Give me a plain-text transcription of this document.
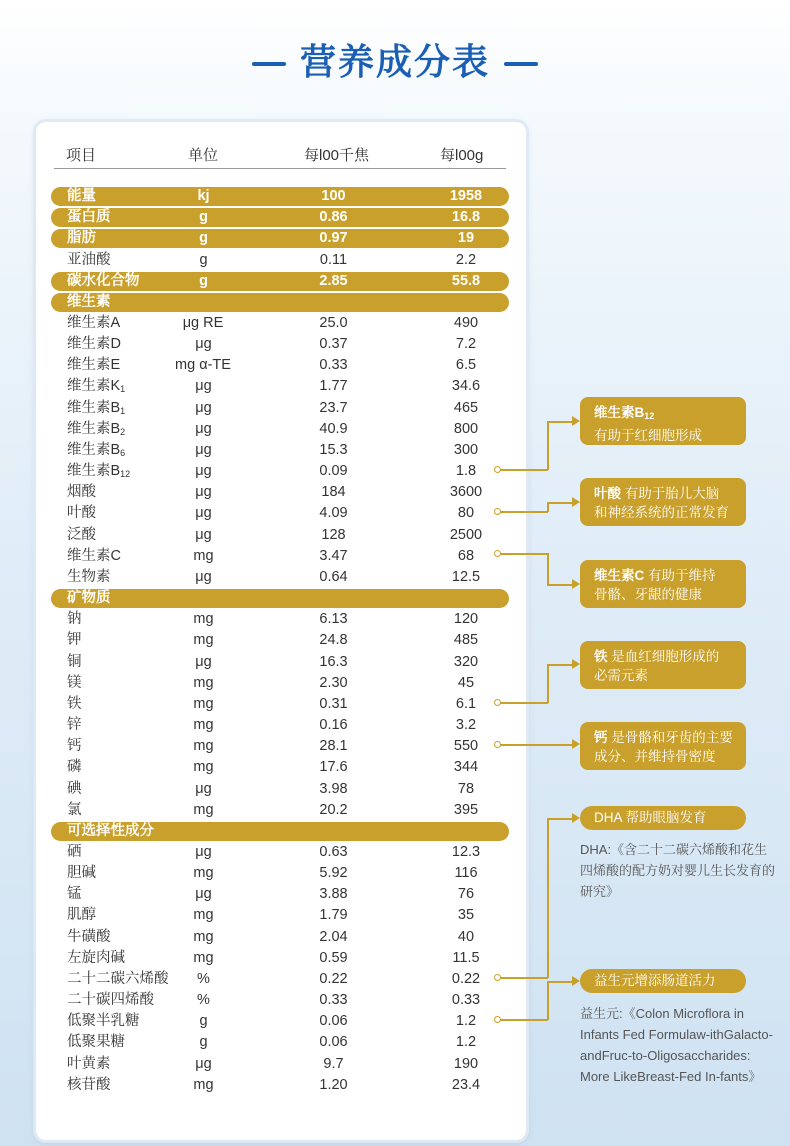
营养成分表
项目	单位	每l00千焦	每l00g
能量	kj	100	1958
蛋白质	g	0.86	16.8
脂肪	g	0.97	19
亚油酸	g	0.11	2.2
碳水化合物	g	2.85	55.8
维生素
维生素A	μg RE	25.0	490
维生素D	μg	0.37	7.2
维生素E	mg α-TE	0.33	6.5
维生素$K_1$	μg	1.77	34.6
维生素$B_1$	μg	23.7	465
维生素$B_2$	μg	40.9	800
维生素$B_6$	μg	15.3	300
维生素$B_{12}$	μg	0.09	1.8
烟酸	μg	184	3600
叶酸	μg	4.09	80
泛酸	μg	128	2500
维生素C	mg	3.47	68
生物素	μg	0.64	12.5
矿物质
钠	mg	6.13	120
钾	mg	24.8	485
铜	μg	16.3	320
镁	mg	2.30	45
铁	mg	0.31	6.1
锌	mg	0.16	3.2
钙	mg	28.1	550
磷	mg	17.6	344
碘	μg	3.98	78
氯	mg	20.2	395
可选择性成分
硒	μg	0.63	12.3
胆碱	mg	5.92	116
锰	μg	3.88	76
肌醇	mg	1.79	35
牛磺酸	mg	2.04	40
左旋肉碱	mg	0.59	11.5
二十二碳六烯酸	%	0.22	0.22
二十碳四烯酸	%	0.33	0.33
低聚半乳糖	g	0.06	1.2
低聚果糖	g	0.06	1.2
叶黄素	μg	9.7	190
核苷酸	mg	1.20	23.4
维生素$B_{12}$
有助于红细胞形成
叶酸 有助于胎儿大脑
和神经系统的正常发育
维生素C 有助于维持
骨骼、牙龈的健康
铁 是血红细胞形成的
必需元素
钙 是骨骼和牙齿的主要
成分、并维持骨密度
DHA 帮助眼脑发育
DHA:《含二十二碳六烯酸和花生四烯酸的配方奶对婴儿生长发育的研究》
益生元增添肠道活力
益生元:《Colon Microflora in Infants Fed Formulaw-ithGalacto-andFruc-to-Oligosaccharides: More LikeBreast-Fed In-fants》
